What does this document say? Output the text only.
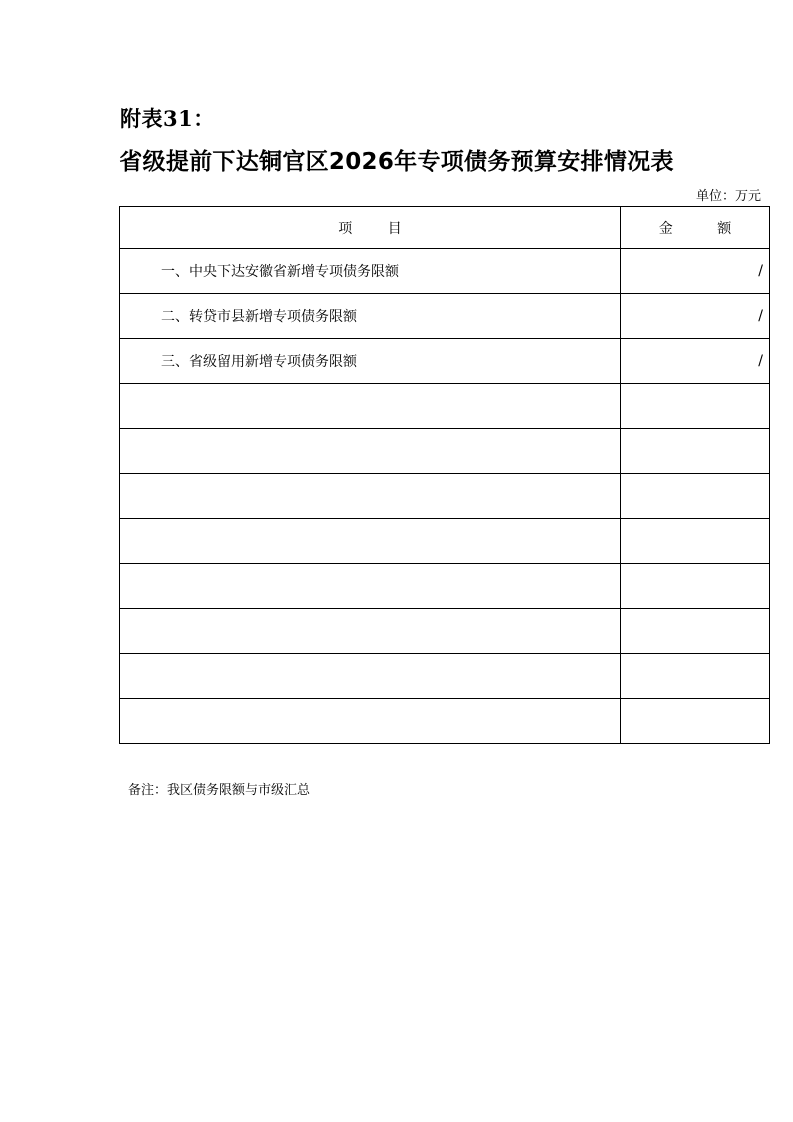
附表31：
省级提前下达铜官区2026年专项债务预算安排情况表
单位：万元
项        目	金          额
一、中央下达安徽省新增专项债务限额	/
二、转贷市县新增专项债务限额	/
三、省级留用新增专项债务限额	/

备注：我区债务限额与市级汇总
